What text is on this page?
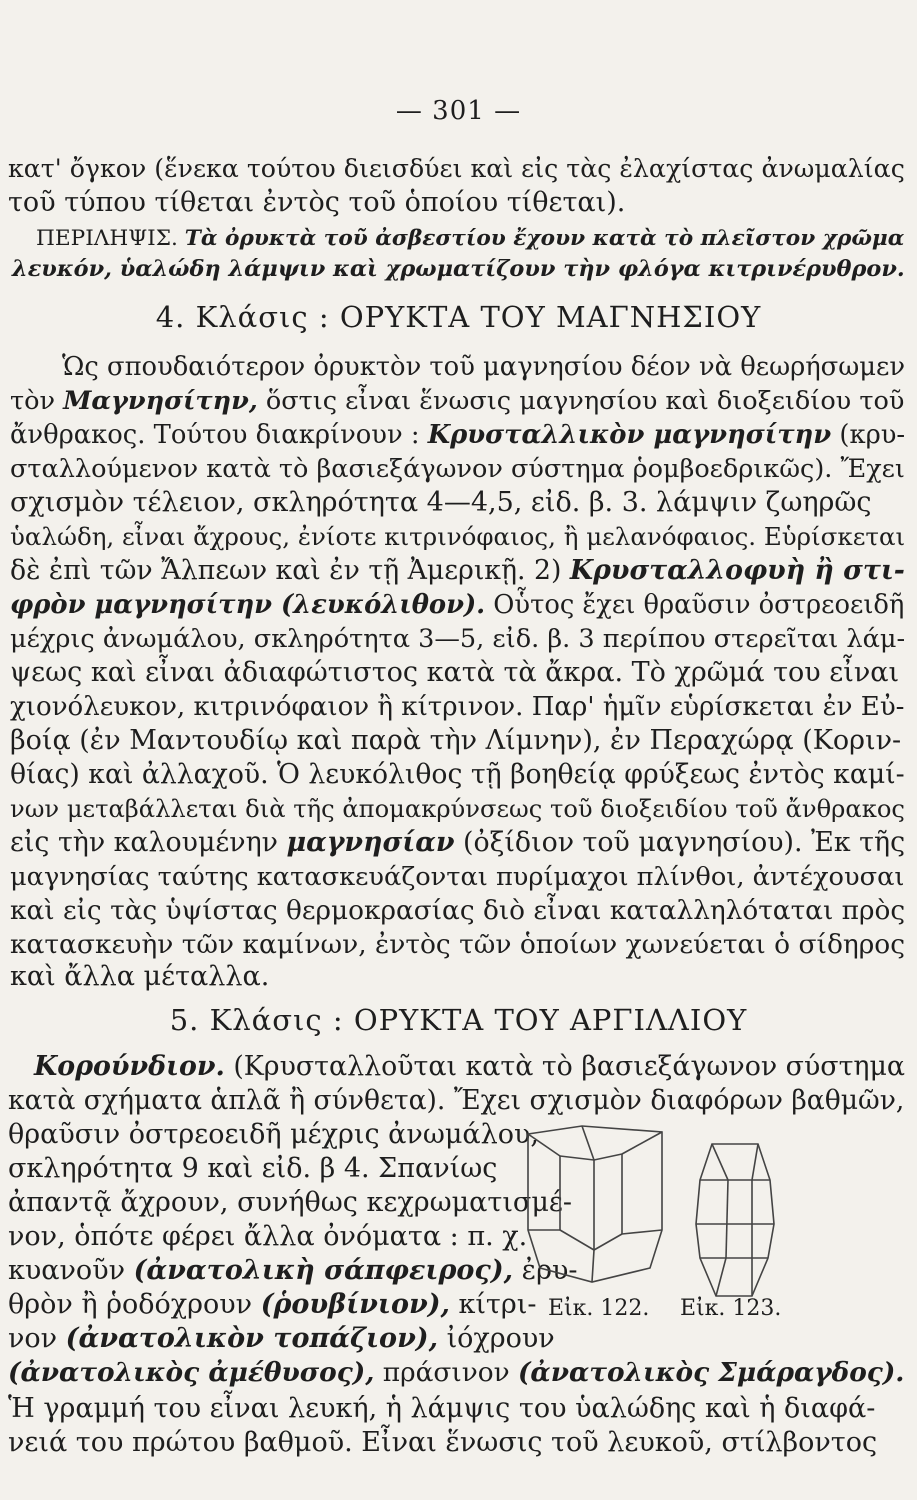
— 301 —
κατ' ὄγκον (ἕνεκα τούτου διεισδύει καὶ εἰς τὰς ἐλαχίστας ἀνωμαλίας
τοῦ τύπου τίθεται ἐντὸς τοῦ ὁποίου τίθεται).
ΠΕΡΙΛΗΨΙΣ. Τὰ ὀρυκτὰ τοῦ ἀσβεστίου ἔχουν κατὰ τὸ πλεῖστον χρῶμα
λευκόν, ὑαλώδη λάμψιν καὶ χρωματίζουν τὴν φλόγα κιτρινέρυθρον.
4. Κλάσις : ΟΡΥΚΤΑ ΤΟΥ ΜΑΓΝΗΣΙΟΥ
Ὡς σπουδαιότερον ὀρυκτὸν τοῦ μαγνησίου δέον νὰ θεωρήσωμεν
τὸν Μαγνησίτην, ὅστις εἶναι ἕνωσις μαγνησίου καὶ διοξειδίου τοῦ
ἄνθρακος. Τούτου διακρίνουν : Κρυσταλλικὸν μαγνησίτην (κρυ-
σταλλούμενον κατὰ τὸ βασιεξάγωνον σύστημα ῥομβοεδρικῶς). Ἔχει
σχισμὸν τέλειον, σκληρότητα 4—4,5, εἰδ. β. 3. λάμψιν ζωηρῶς
ὑαλώδη, εἶναι ἄχρους, ἐνίοτε κιτρινόφαιος, ἢ μελανόφαιος. Εὑρίσκεται
δὲ ἐπὶ τῶν Ἄλπεων καὶ ἐν τῇ Ἀμερικῇ. 2) Κρυσταλλοφυὴ ἢ στι-
φρὸν μαγνησίτην (λευκόλιθον). Οὗτος ἔχει θραῦσιν ὀστρεοειδῆ
μέχρις ἀνωμάλου, σκληρότητα 3—5, εἰδ. β. 3 περίπου στερεῖται λάμ-
ψεως καὶ εἶναι ἀδιαφώτιστος κατὰ τὰ ἄκρα. Τὸ χρῶμά του εἶναι
χιονόλευκον, κιτρινόφαιον ἢ κίτρινον. Παρ' ἡμῖν εὑρίσκεται ἐν Εὐ-
βοίᾳ (ἐν Μαντουδίῳ καὶ παρὰ τὴν Λίμνην), ἐν Περαχώρᾳ (Κοριν-
θίας) καὶ ἀλλαχοῦ. Ὁ λευκόλιθος τῇ βοηθείᾳ φρύξεως ἐντὸς καμί-
νων μεταβάλλεται διὰ τῆς ἀπομακρύνσεως τοῦ διοξειδίου τοῦ ἄνθρακος
εἰς τὴν καλουμένην μαγνησίαν (ὀξίδιον τοῦ μαγνησίου). Ἐκ τῆς
μαγνησίας ταύτης κατασκευάζονται πυρίμαχοι πλίνθοι, ἀντέχουσαι
καὶ εἰς τὰς ὑψίστας θερμοκρασίας διὸ εἶναι καταλληλόταται πρὸς
κατασκευὴν τῶν καμίνων, ἐντὸς τῶν ὁποίων χωνεύεται ὁ σίδηρος
καὶ ἄλλα μέταλλα.
5. Κλάσις : ΟΡΥΚΤΑ ΤΟΥ ΑΡΓΙΛΛΙΟΥ
Κορούνδιον. (Κρυσταλλοῦται κατὰ τὸ βασιεξάγωνον σύστημα
κατὰ σχήματα ἁπλᾶ ἢ σύνθετα). Ἔχει σχισμὸν διαφόρων βαθμῶν,
θραῦσιν ὀστρεοειδῆ μέχρις ἀνωμάλου,
σκληρότητα 9 καὶ εἰδ. β 4. Σπανίως
ἀπαντᾷ ἄχρουν, συνήθως κεχρωματισμέ-
νον, ὁπότε φέρει ἄλλα ὀνόματα : π. χ.
κυανοῦν (ἀνατολικὴ σάπφειρος), ἐρυ-
θρὸν ἢ ῥοδόχρουν (ῥουβίνιον), κίτρι-
νον (ἀνατολικὸν τοπάζιον), ἰόχρουν
(ἀνατολικὸς ἀμέθυσος), πράσινον (ἀνατολικὸς Σμάραγδος).
Ἡ γραμμή του εἶναι λευκή, ἡ λάμψις του ὑαλώδης καὶ ἡ διαφά-
νειά του πρώτου βαθμοῦ. Εἶναι ἕνωσις τοῦ λευκοῦ, στίλβοντος
Εἰκ. 122. Εἰκ. 123.
